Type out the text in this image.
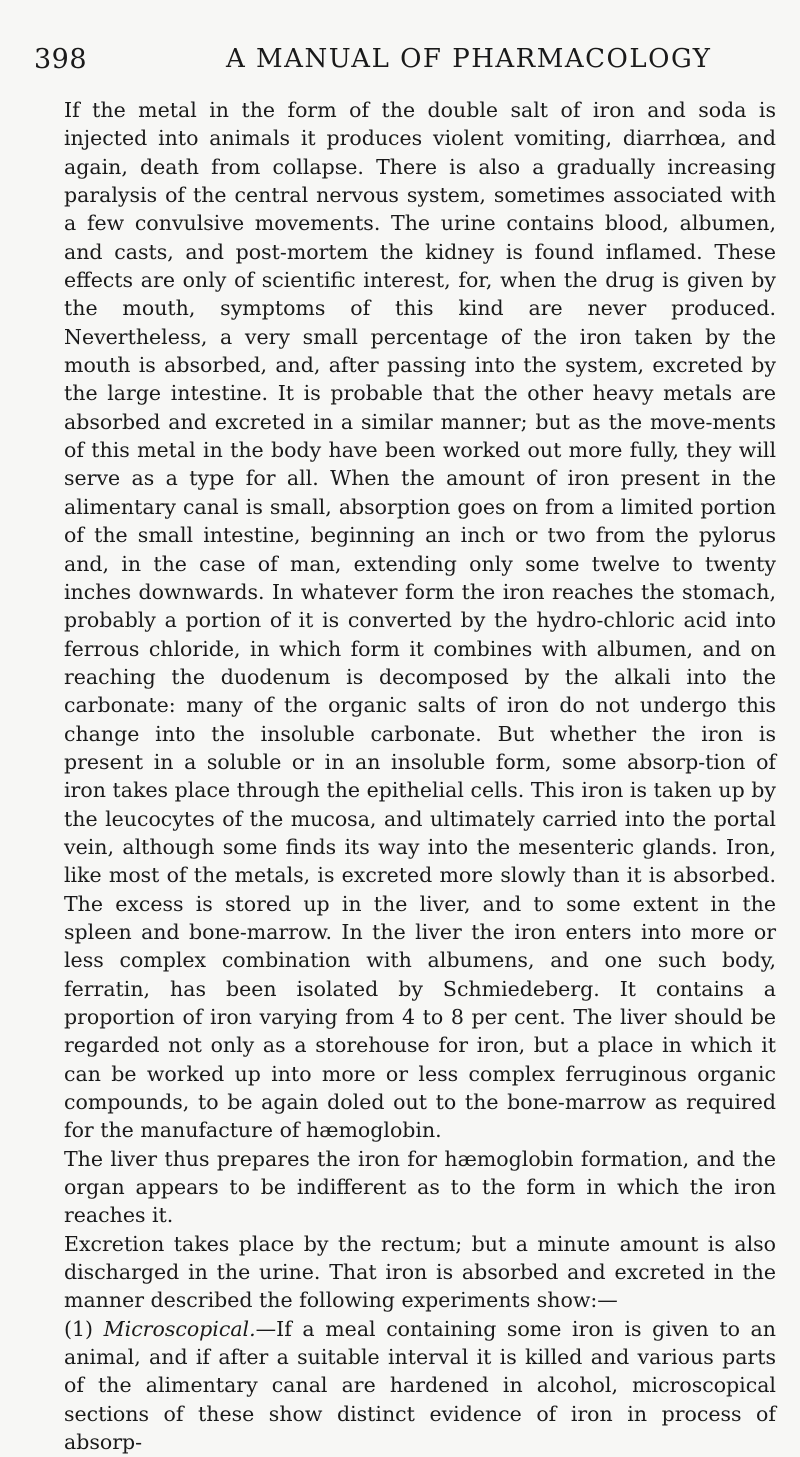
398	A MANUAL OF PHARMACOLOGY

If the metal in the form of the double salt of iron and soda is injected into animals it produces violent vomiting, diarrhœa, and again, death from collapse. There is also a gradually increasing paralysis of the central nervous system, sometimes associated with a few convulsive movements. The urine contains blood, albumen, and casts, and post-mortem the kidney is found inflamed. These effects are only of scientific interest, for, when the drug is given by the mouth, symptoms of this kind are never produced. Nevertheless, a very small percentage of the iron taken by the mouth is absorbed, and, after passing into the system, excreted by the large intestine. It is probable that the other heavy metals are absorbed and excreted in a similar manner; but as the move-ments of this metal in the body have been worked out more fully, they will serve as a type for all. When the amount of iron present in the alimentary canal is small, absorption goes on from a limited portion of the small intestine, beginning an inch or two from the pylorus and, in the case of man, extending only some twelve to twenty inches downwards. In whatever form the iron reaches the stomach, probably a portion of it is converted by the hydro-chloric acid into ferrous chloride, in which form it combines with albumen, and on reaching the duodenum is decomposed by the alkali into the carbonate: many of the organic salts of iron do not undergo this change into the insoluble carbonate. But whether the iron is present in a soluble or in an insoluble form, some absorp-tion of iron takes place through the epithelial cells. This iron is taken up by the leucocytes of the mucosa, and ultimately carried into the portal vein, although some finds its way into the mesenteric glands. Iron, like most of the metals, is excreted more slowly than it is absorbed. The excess is stored up in the liver, and to some extent in the spleen and bone-marrow. In the liver the iron enters into more or less complex combination with albumens, and one such body, ferratin, has been isolated by Schmiedeberg. It contains a proportion of iron varying from 4 to 8 per cent. The liver should be regarded not only as a storehouse for iron, but a place in which it can be worked up into more or less complex ferruginous organic compounds, to be again doled out to the bone-marrow as required for the manufacture of hæmoglobin.

The liver thus prepares the iron for hæmoglobin formation, and the organ appears to be indifferent as to the form in which the iron reaches it.

Excretion takes place by the rectum; but a minute amount is also discharged in the urine. That iron is absorbed and excreted in the manner described the following experiments show:—

(1) Microscopical.—If a meal containing some iron is given to an animal, and if after a suitable interval it is killed and various parts of the alimentary canal are hardened in alcohol, microscopical sections of these show distinct evidence of iron in process of absorp-
